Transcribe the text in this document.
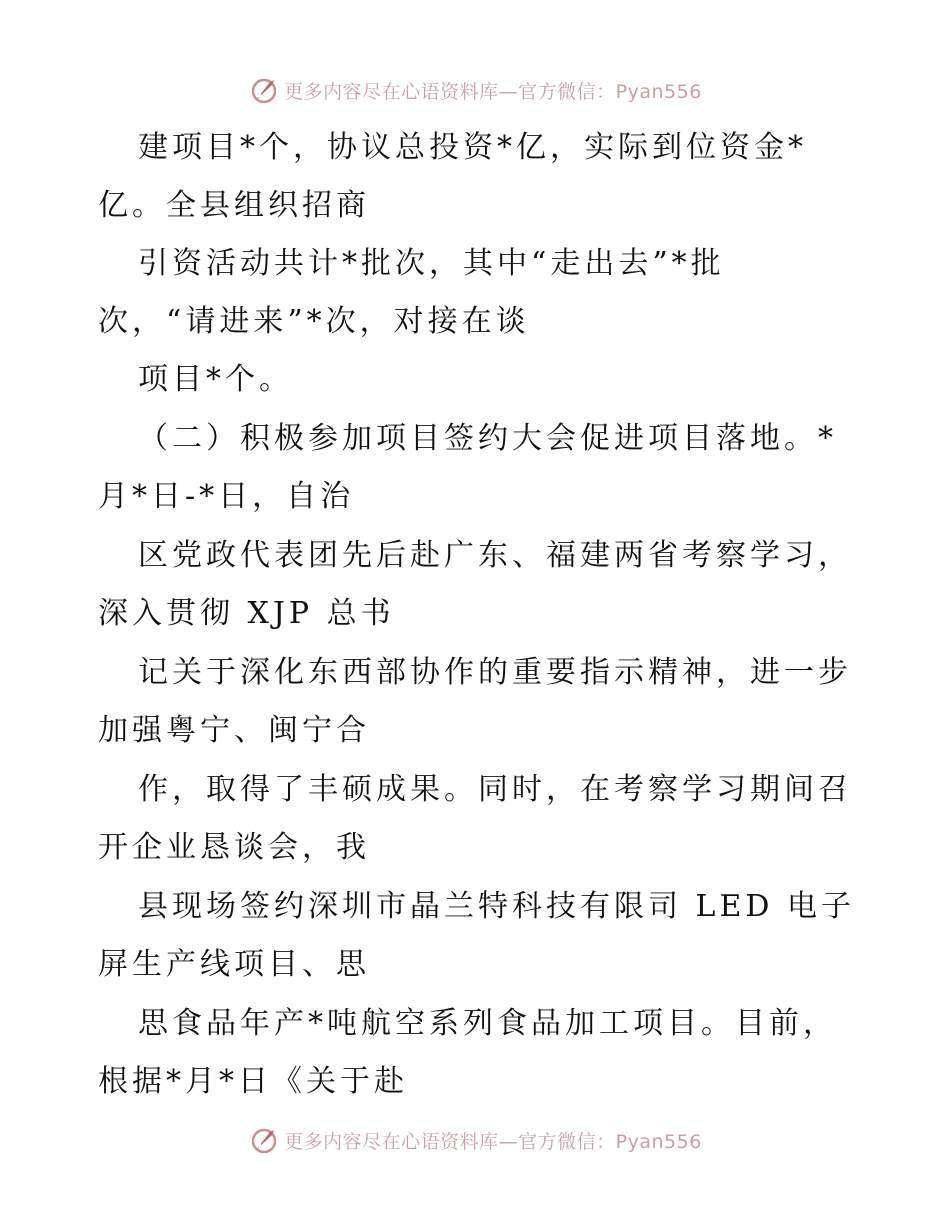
更多内容尽在心语资料库—官方微信：Pyan556
建项目*个，协议总投资*亿，实际到位资金*
亿。全县组织招商
引资活动共计*批次，其中“走出去”*批
次，“请进来”*次，对接在谈
项目*个。
（二）积极参加项目签约大会促进项目落地。*
月*日-*日，自治
区党政代表团先后赴广东、福建两省考察学习，
深入贯彻 XJP 总书
记关于深化东西部协作的重要指示精神，进一步
加强粤宁、闽宁合
作，取得了丰硕成果。同时，在考察学习期间召
开企业恳谈会，我
县现场签约深圳市晶兰特科技有限司 LED 电子
屏生产线项目、思
思食品年产*吨航空系列食品加工项目。目前，
根据*月*日《关于赴
更多内容尽在心语资料库—官方微信：Pyan556
